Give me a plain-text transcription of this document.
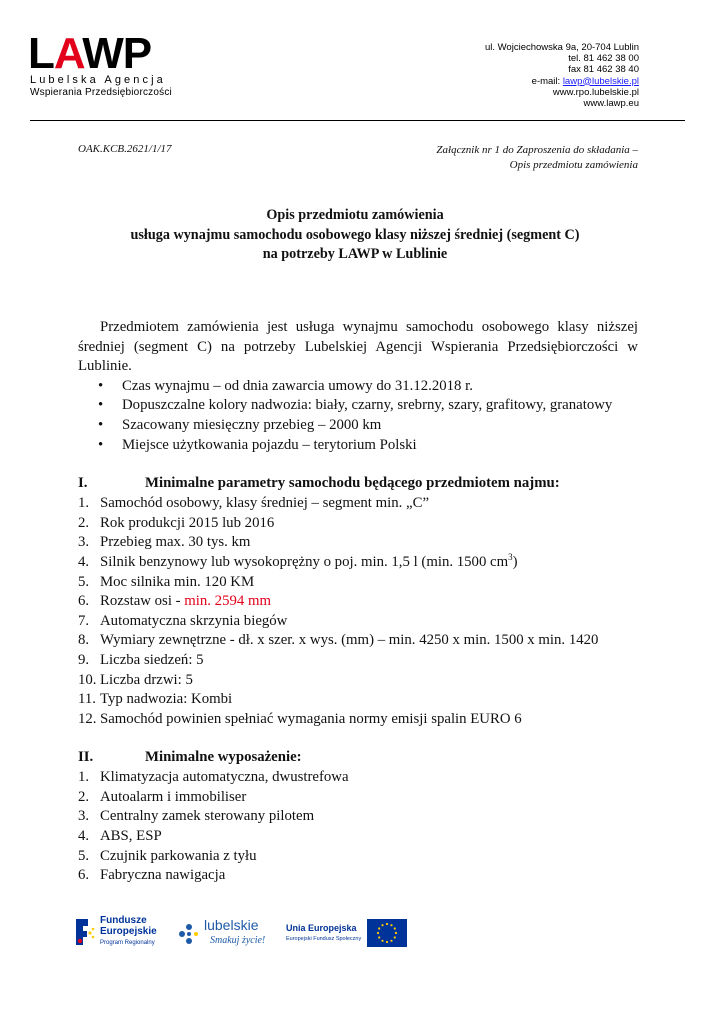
LAWP
Lubelska Agencja
Wspierania Przedsiębiorczości
ul. Wojciechowska 9a, 20-704 Lublin
tel. 81 462 38 00
fax 81 462 38 40
e-mail: lawp@lubelskie.pl
www.rpo.lubelskie.pl
www.lawp.eu
OAK.KCB.2621/1/17	Załącznik nr 1 do Zaproszenia do składania –
Opis przedmiotu zamówienia
Opis przedmiotu zamówienia
usługa wynajmu samochodu osobowego klasy niższej średniej (segment C)
na potrzeby LAWP w Lublinie

Przedmiotem zamówienia jest usługa wynajmu samochodu osobowego klasy niższej średniej (segment C) na potrzeby Lubelskiej Agencji Wspierania Przedsiębiorczości w Lublinie.

• Czas wynajmu – od dnia zawarcia umowy do 31.12.2018 r.
• Dopuszczalne kolory nadwozia: biały, czarny, srebrny, szary, grafitowy, granatowy
• Szacowany miesięczny przebieg – 2000 km
• Miejsce użytkowania pojazdu – terytorium Polski
I.	Minimalne parametry samochodu będącego przedmiotem najmu:
1. Samochód osobowy, klasy średniej – segment min. „C”
2. Rok produkcji 2015 lub 2016
3. Przebieg max. 30 tys. km
4. Silnik benzynowy lub wysokoprężny o poj. min. 1,5 l (min. 1500 $cm^3$)
5. Moc silnika min. 120 KM
6. Rozstaw osi - min. 2594 mm
7. Automatyczna skrzynia biegów
8. Wymiary zewnętrzne - dł. x szer. x wys. (mm) – min. 4250 x min. 1500 x min. 1420
9. Liczba siedzeń: 5
10. Liczba drzwi: 5
11. Typ nadwozia: Kombi
12. Samochód powinien spełniać wymagania normy emisji spalin EURO 6
II.	Minimalne wyposażenie:
1. Klimatyzacja automatyczna, dwustrefowa
2. Autoalarm i immobiliser
3. Centralny zamek sterowany pilotem
4. ABS, ESP
5. Czujnik parkowania z tyłu
6. Fabryczna nawigacja
Fundusze
Europejskie
Program Regionalny
lubelskie
Smakuj życie!
Unia Europejska
Europejski Fundusz Społeczny
